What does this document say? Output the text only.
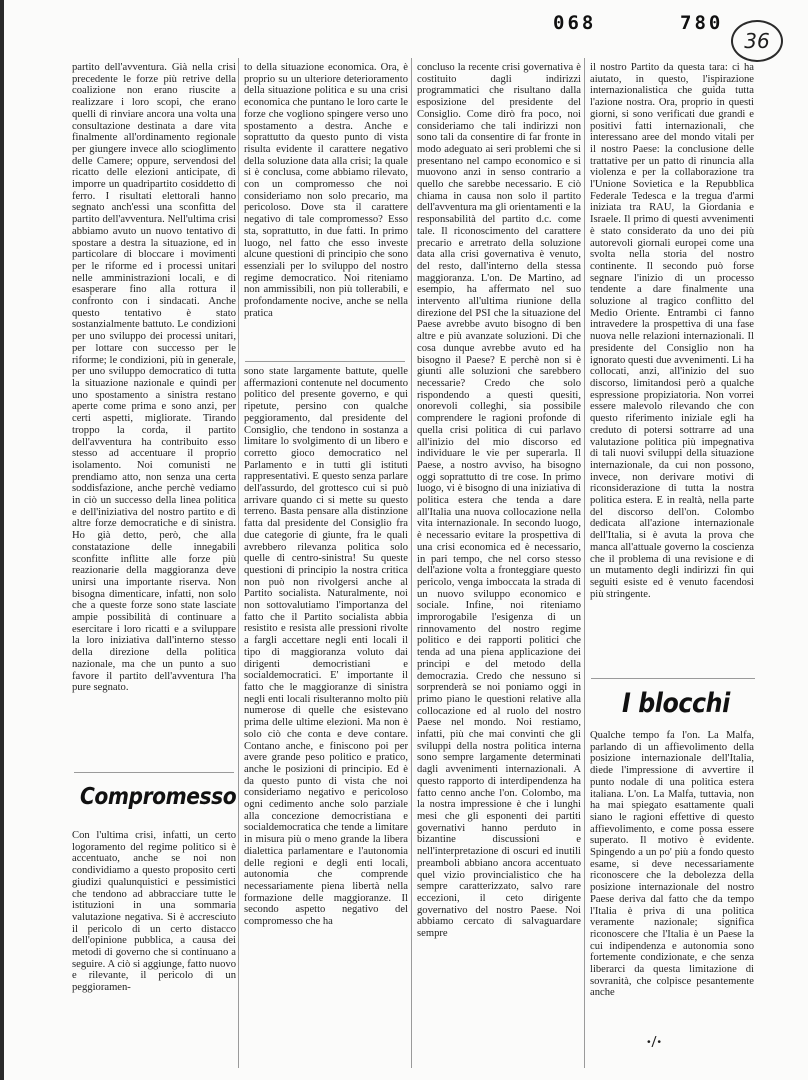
068	780
36

partito dell'avventura. Già nella crisi precedente le forze più retrive della coalizione non erano riuscite a realizzare i loro scopi, che erano quelli di rinviare ancora una volta una consultazione destinata a dare vita finalmente all'ordinamento regionale per giungere invece allo scioglimento delle Camere; oppure, servendosi del ricatto delle elezioni anticipate, di imporre un quadripartito cosiddetto di ferro. I risultati elettorali hanno segnato anch'essi una sconfitta del partito dell'avventura. Nell'ultima crisi abbiamo avuto un nuovo tentativo di spostare a destra la situazione, ed in particolare di bloccare i movimenti per le riforme ed i processi unitari nelle amministrazioni locali, e di esasperare fino alla rottura il confronto con i sindacati. Anche questo tentativo è stato sostanzialmente battuto. Le condizioni per uno sviluppo dei processi unitari, per lottare con successo per le riforme; le condizioni, più in generale, per uno sviluppo democratico di tutta la situazione nazionale e quindi per uno spostamento a sinistra restano aperte come prima e sono anzi, per certi aspetti, migliorate. Tirando troppo la corda, il partito dell'avventura ha contribuito esso stesso ad accentuare il proprio isolamento. Noi comunisti ne prendiamo atto, non senza una certa soddisfazione, anche perchè vediamo in ciò un successo della linea politica e dell'iniziativa del nostro partito e di altre forze democratiche e di sinistra. Ho già detto, però, che alla constatazione delle innegabili sconfitte inflitte alle forze più reazionarie della maggioranza deve unirsi una importante riserva. Non bisogna dimenticare, infatti, non solo che a queste forze sono state lasciate ampie possibilità di continuare a esercitare i loro ricatti e a sviluppare la loro iniziativa dall'interno stesso della direzione della politica nazionale, ma che un punto a suo favore il partito dell'avventura l'ha pure segnato.

Compromesso

Con l'ultima crisi, infatti, un certo logoramento del regime politico si è accentuato, anche se noi non condividiamo a questo proposito certi giudizi qualunquistici e pessimistici che tendono ad abbracciare tutte le istituzioni in una sommaria valutazione negativa. Si è accresciuto il pericolo di un certo distacco dell'opinione pubblica, a causa dei metodi di governo che si continuano a seguire. A ciò si aggiunge, fatto nuovo e rilevante, il pericolo di un peggioramen-

to della situazione economica. Ora, è proprio su un ulteriore deterioramento della situazione politica e su una crisi economica che puntano le loro carte le forze che vogliono spingere verso uno spostamento a destra. Anche e soprattutto da questo punto di vista risulta evidente il carattere negativo della soluzione data alla crisi; la quale si è conclusa, come abbiamo rilevato, con un compromesso che noi consideriamo non solo precario, ma pericoloso. Dove sta il carattere negativo di tale compromesso? Esso sta, soprattutto, in due fatti. In primo luogo, nel fatto che esso investe alcune questioni di principio che sono essenziali per lo sviluppo del nostro regime democratico. Noi riteniamo non ammissibili, non più tollerabili, e profondamente nocive, anche se nella pratica

sono state largamente battute, quelle affermazioni contenute nel documento politico del presente governo, e qui ripetute, persino con qualche peggioramento, dal presidente del Consiglio, che tendono in sostanza a limitare lo svolgimento di un libero e corretto gioco democratico nel Parlamento e in tutti gli istituti rappresentativi. E questo senza parlare dell'assurdo, del grottesco cui si può arrivare quando ci si mette su questo terreno. Basta pensare alla distinzione fatta dal presidente del Consiglio fra due categorie di giunte, fra le quali avrebbero rilevanza politica solo quelle di centro-sinistra! Su queste questioni di principio la nostra critica non può non rivolgersi anche al Partito socialista. Naturalmente, noi non sottovalutiamo l'importanza del fatto che il Partito socialista abbia resistito e resista alle pressioni rivolte a fargli accettare negli enti locali il tipo di maggioranza voluto dai dirigenti democristiani e socialdemocratici. E' importante il fatto che le maggioranze di sinistra negli enti locali risulteranno molto più numerose di quelle che esistevano prima delle ultime elezioni. Ma non è solo ciò che conta e deve contare. Contano anche, e finiscono poi per avere grande peso politico e pratico, anche le posizioni di principio. Ed è da questo punto di vista che noi consideriamo negativo e pericoloso ogni cedimento anche solo parziale alla concezione democristiana e socialdemocratica che tende a limitare in misura più o meno grande la libera dialettica parlamentare e l'autonomia delle regioni e degli enti locali, autonomia che comprende necessariamente piena libertà nella formazione delle maggioranze. Il secondo aspetto negativo del compromesso che ha

concluso la recente crisi governativa è costituito dagli indirizzi programmatici che risultano dalla esposizione del presidente del Consiglio. Come dirò fra poco, noi consideriamo che tali indirizzi non sono tali da consentire di far fronte in modo adeguato ai seri problemi che si presentano nel campo economico e si muovono anzi in senso contrario a quello che sarebbe necessario. E ciò chiama in causa non solo il partito dell'avventura ma gli orientamenti e la responsabilità del partito d.c. come tale. Il riconoscimento del carattere precario e arretrato della soluzione data alla crisi governativa è venuto, del resto, dall'interno della stessa maggioranza. L'on. De Martino, ad esempio, ha affermato nel suo intervento all'ultima riunione della direzione del PSI che la situazione del Paese avrebbe avuto bisogno di ben altre e più avanzate soluzioni. Di che cosa dunque avrebbe avuto ed ha bisogno il Paese? E perchè non si è giunti alle soluzioni che sarebbero necessarie? Credo che solo rispondendo a questi quesiti, onorevoli colleghi, sia possibile comprendere le ragioni profonde di quella crisi politica di cui parlavo all'inizio del mio discorso ed individuare le vie per superarla. Il Paese, a nostro avviso, ha bisogno oggi soprattutto di tre cose. In primo luogo, vi è bisogno di una iniziativa di politica estera che tenda a dare all'Italia una nuova collocazione nella vita internazionale. In secondo luogo, è necessario evitare la prospettiva di una crisi economica ed è necessario, in pari tempo, che nel corso stesso dell'azione volta a fronteggiare questo pericolo, venga imboccata la strada di un nuovo sviluppo economico e sociale. Infine, noi riteniamo improrogabile l'esigenza di un rinnovamento del nostro regime politico e dei rapporti politici che tenda ad una piena applicazione dei principi e del metodo della democrazia. Credo che nessuno si sorprenderà se noi poniamo oggi in primo piano le questioni relative alla collocazione ed al ruolo del nostro Paese nel mondo. Noi restiamo, infatti, più che mai convinti che gli sviluppi della nostra politica interna sono sempre largamente determinati dagli avvenimenti internazionali. A questo rapporto di interdipendenza ha fatto cenno anche l'on. Colombo, ma la nostra impressione è che i lunghi mesi che gli esponenti dei partiti governativi hanno perduto in bizantine discussioni e nell'interpretazione di oscuri ed inutili preamboli abbiano ancora accentuato quel vizio provincialistico che ha sempre caratterizzato, salvo rare eccezioni, il ceto dirigente governativo del nostro Paese. Noi abbiamo cercato di salvaguardare sempre

il nostro Partito da questa tara: ci ha aiutato, in questo, l'ispirazione internazionalistica che guida tutta l'azione nostra. Ora, proprio in questi giorni, si sono verificati due grandi e positivi fatti internazionali, che interessano aree del mondo vitali per il nostro Paese: la conclusione delle trattative per un patto di rinuncia alla violenza e per la collaborazione tra l'Unione Sovietica e la Repubblica Federale Tedesca e la tregua d'armi iniziata tra RAU, la Giordania e Israele. Il primo di questi avvenimenti è stato considerato da uno dei più autorevoli giornali europei come una svolta nella storia del nostro continente. Il secondo può forse segnare l'inizio di un processo tendente a dare finalmente una soluzione al tragico conflitto del Medio Oriente. Entrambi ci fanno intravedere la prospettiva di una fase nuova nelle relazioni internazionali. Il presidente del Consiglio non ha ignorato questi due avvenimenti. Li ha collocati, anzi, all'inizio del suo discorso, limitandosi però a qualche espressione propiziatoria. Non vorrei essere malevolo rilevando che con questo riferimento iniziale egli ha creduto di potersi sottrarre ad una valutazione politica più impegnativa di tali nuovi sviluppi della situazione internazionale, da cui non possono, invece, non derivare motivi di riconsiderazione di tutta la nostra politica estera. E in realtà, nella parte del discorso dell'on. Colombo dedicata all'azione internazionale dell'Italia, si è avuta la prova che manca all'attuale governo la coscienza che il problema di una revisione e di un mutamento degli indirizzi fin qui seguiti esiste ed è venuto facendosi più stringente.

I blocchi

Qualche tempo fa l'on. La Malfa, parlando di un affievolimento della posizione internazionale dell'Italia, diede l'impressione di avvertire il punto nodale di una politica estera italiana. L'on. La Malfa, tuttavia, non ha mai spiegato esattamente quali siano le ragioni effettive di questo affievolimento, e come possa essere superato. Il motivo è evidente. Spingendo a un po' più a fondo questo esame, si deve necessariamente riconoscere che la debolezza della posizione internazionale del nostro Paese deriva dal fatto che da tempo l'Italia è priva di una politica veramente nazionale; significa riconoscere che l'Italia è un Paese la cui indipendenza e autonomia sono fortemente condizionate, e che senza liberarci da questa limitazione di sovranità, che colpisce pesantemente anche

·/·
